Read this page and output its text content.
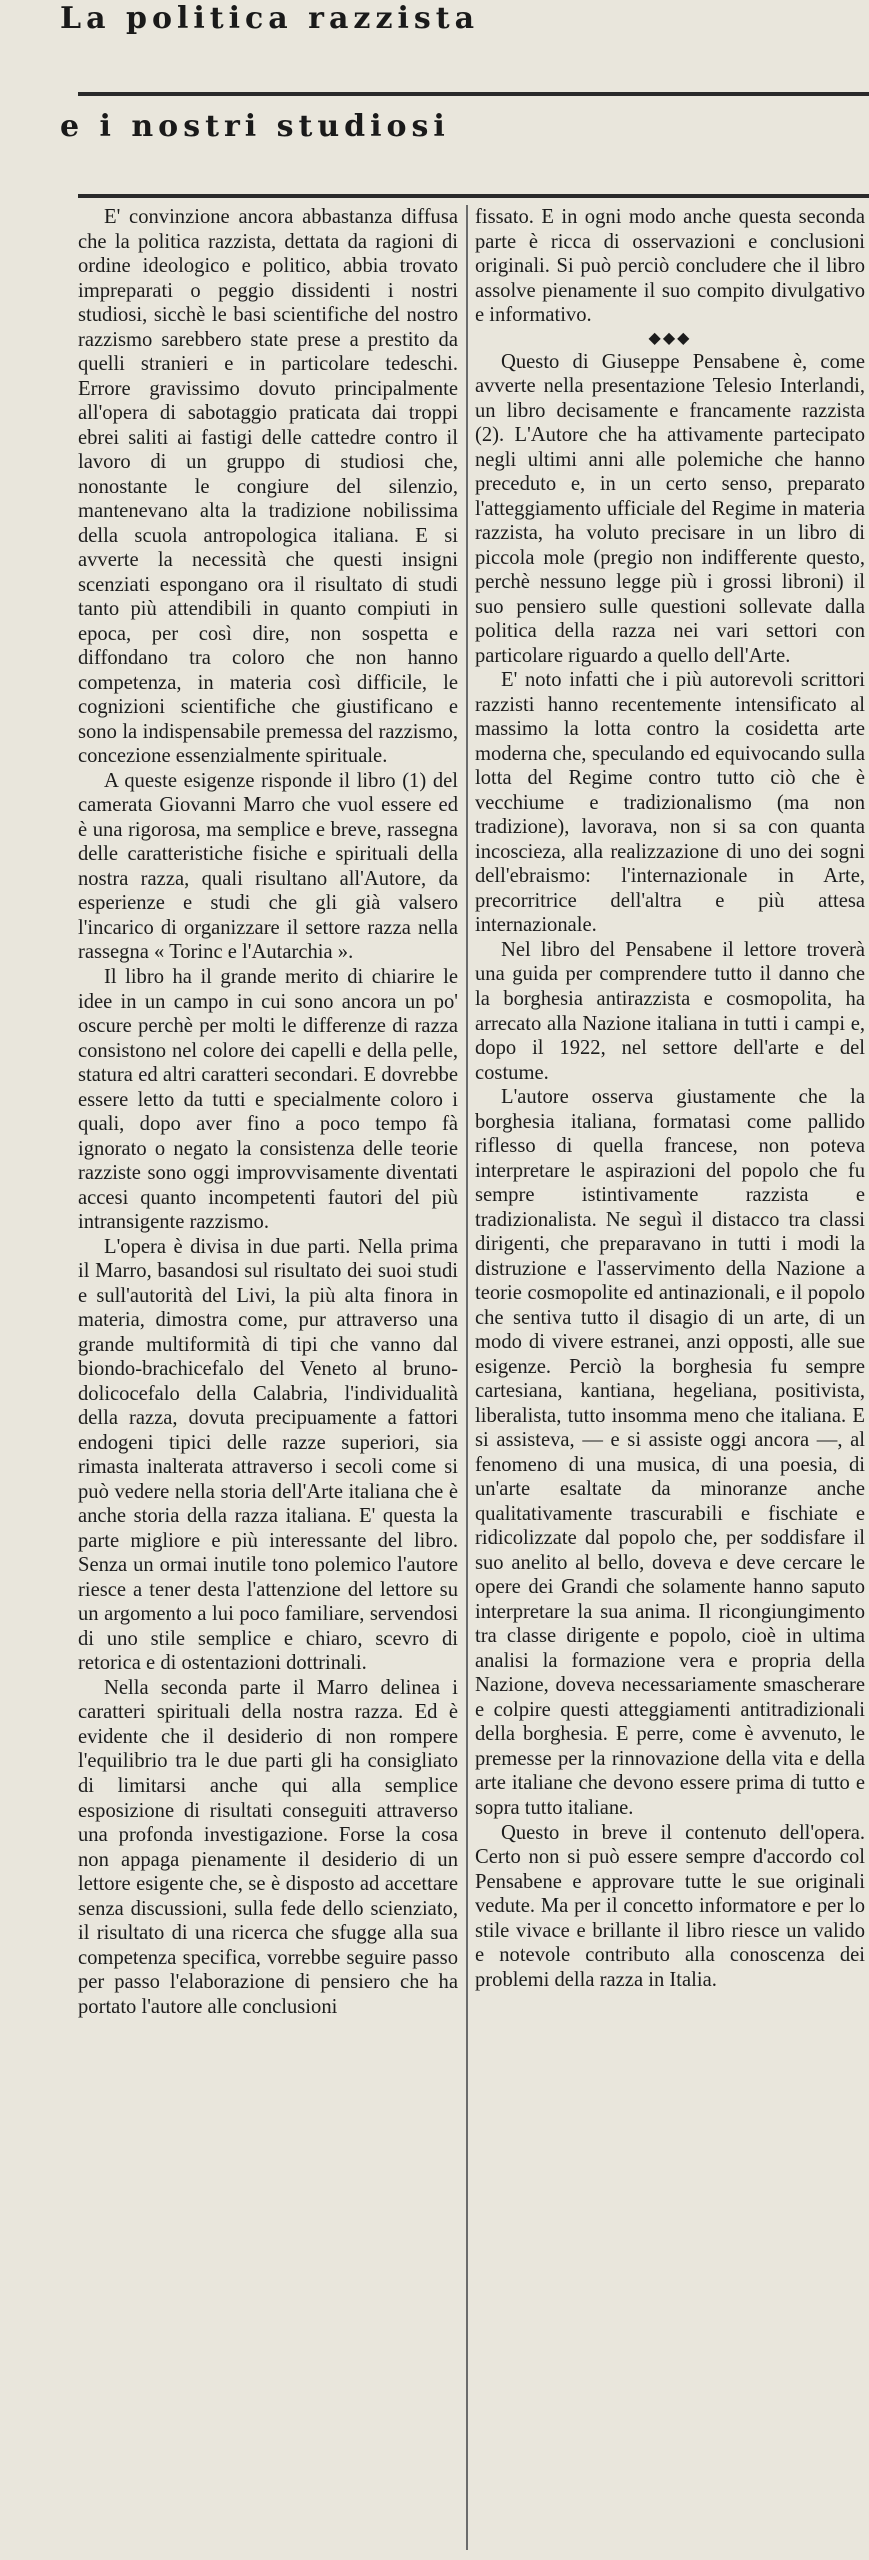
La politica razzista
e i nostri studiosi

E' convinzione ancora abbastanza diffusa che la politica razzista, dettata da ragioni di ordine ideologico e politico, abbia trovato impreparati o peggio dissidenti i nostri studiosi, sicchè le basi scientifiche del nostro razzismo sarebbero state prese a prestito da quelli stranieri e in particolare tedeschi. Errore gravissimo dovuto principalmente all'opera di sabotaggio praticata dai troppi ebrei saliti ai fastigi delle cattedre contro il lavoro di un gruppo di studiosi che, nonostante le congiure del silenzio, mantenevano alta la tradizione nobilissima della scuola antropologica italiana. E si avverte la necessità che questi insigni scenziati espongano ora il risultato di studi tanto più attendibili in quanto compiuti in epoca, per così dire, non sospetta e diffondano tra coloro che non hanno competenza, in materia così difficile, le cognizioni scientifiche che giustificano e sono la indispensabile premessa del razzismo, concezione essenzialmente spirituale.

A queste esigenze risponde il libro (1) del camerata Giovanni Marro che vuol essere ed è una rigorosa, ma semplice e breve, rassegna delle caratteristiche fisiche e spirituali della nostra razza, quali risultano all'Autore, da esperienze e studi che gli già valsero l'incarico di organizzare il settore razza nella rassegna « Torinc e l'Autarchia ».

Il libro ha il grande merito di chiarire le idee in un campo in cui sono ancora un po' oscure perchè per molti le differenze di razza consistono nel colore dei capelli e della pelle, statura ed altri caratteri secondari. E dovrebbe essere letto da tutti e specialmente coloro i quali, dopo aver fino a poco tempo fà ignorato o negato la consistenza delle teorie razziste sono oggi improvvisamente diventati accesi quanto incompetenti fautori del più intransigente razzismo.

L'opera è divisa in due parti. Nella prima il Marro, basandosi sul risultato dei suoi studi e sull'autorità del Livi, la più alta finora in materia, dimostra come, pur attraverso una grande multiformità di tipi che vanno dal biondo-brachicefalo del Veneto al bruno-dolicocefalo della Calabria, l'individualità della razza, dovuta precipuamente a fattori endogeni tipici delle razze superiori, sia rimasta inalterata attraverso i secoli come si può vedere nella storia dell'Arte italiana che è anche storia della razza italiana. E' questa la parte migliore e più interessante del libro. Senza un ormai inutile tono polemico l'autore riesce a tener desta l'attenzione del lettore su un argomento a lui poco familiare, servendosi di uno stile semplice e chiaro, scevro di retorica e di ostentazioni dottrinali.

Nella seconda parte il Marro delinea i caratteri spirituali della nostra razza. Ed è evidente che il desiderio di non rompere l'equilibrio tra le due parti gli ha consigliato di limitarsi anche qui alla semplice esposizione di risultati conseguiti attraverso una profonda investigazione. Forse la cosa non appaga pienamente il desiderio di un lettore esigente che, se è disposto ad accettare senza discussioni, sulla fede dello scienziato, il risultato di una ricerca che sfugge alla sua competenza specifica, vorrebbe seguire passo per passo l'elaborazione di pensiero che ha portato l'autore alle conclusioni

fissato. E in ogni modo anche questa seconda parte è ricca di osservazioni e conclusioni originali. Si può perciò concludere che il libro assolve pienamente il suo compito divulgativo e informativo.

◆◆◆

Questo di Giuseppe Pensabene è, come avverte nella presentazione Telesio Interlandi, un libro decisamente e francamente razzista (2). L'Autore che ha attivamente partecipato negli ultimi anni alle polemiche che hanno preceduto e, in un certo senso, preparato l'atteggiamento ufficiale del Regime in materia razzista, ha voluto precisare in un libro di piccola mole (pregio non indifferente questo, perchè nessuno legge più i grossi libroni) il suo pensiero sulle questioni sollevate dalla politica della razza nei vari settori con particolare riguardo a quello dell'Arte.

E' noto infatti che i più autorevoli scrittori razzisti hanno recentemente intensificato al massimo la lotta contro la cosidetta arte moderna che, speculando ed equivocando sulla lotta del Regime contro tutto ciò che è vecchiume e tradizionalismo (ma non tradizione), lavorava, non si sa con quanta incoscieza, alla realizzazione di uno dei sogni dell'ebraismo: l'internazionale in Arte, precorritrice dell'altra e più attesa internazionale.

Nel libro del Pensabene il lettore troverà una guida per comprendere tutto il danno che la borghesia antirazzista e cosmopolita, ha arrecato alla Nazione italiana in tutti i campi e, dopo il 1922, nel settore dell'arte e del costume.

L'autore osserva giustamente che la borghesia italiana, formatasi come pallido riflesso di quella francese, non poteva interpretare le aspirazioni del popolo che fu sempre istintivamente razzista e tradizionalista. Ne seguì il distacco tra classi dirigenti, che preparavano in tutti i modi la distruzione e l'asservimento della Nazione a teorie cosmopolite ed antinazionali, e il popolo che sentiva tutto il disagio di un arte, di un modo di vivere estranei, anzi opposti, alle sue esigenze. Perciò la borghesia fu sempre cartesiana, kantiana, hegeliana, positivista, liberalista, tutto insomma meno che italiana. E si assisteva, — e si assiste oggi ancora —, al fenomeno di una musica, di una poesia, di un'arte esaltate da minoranze anche qualitativamente trascurabili e fischiate e ridicolizzate dal popolo che, per soddisfare il suo anelito al bello, doveva e deve cercare le opere dei Grandi che solamente hanno saputo interpretare la sua anima. Il ricongiungimento tra classe dirigente e popolo, cioè in ultima analisi la formazione vera e propria della Nazione, doveva necessariamente smascherare e colpire questi atteggiamenti antitradizionali della borghesia. E perre, come è avvenuto, le premesse per la rinnovazione della vita e della arte italiane che devono essere prima di tutto e sopra tutto italiane.

Questo in breve il contenuto dell'opera. Certo non si può essere sempre d'accordo col Pensabene e approvare tutte le sue originali vedute. Ma per il concetto informatore e per lo stile vivace e brillante il libro riesce un valido e notevole contributo alla conoscenza dei problemi della razza in Italia.
